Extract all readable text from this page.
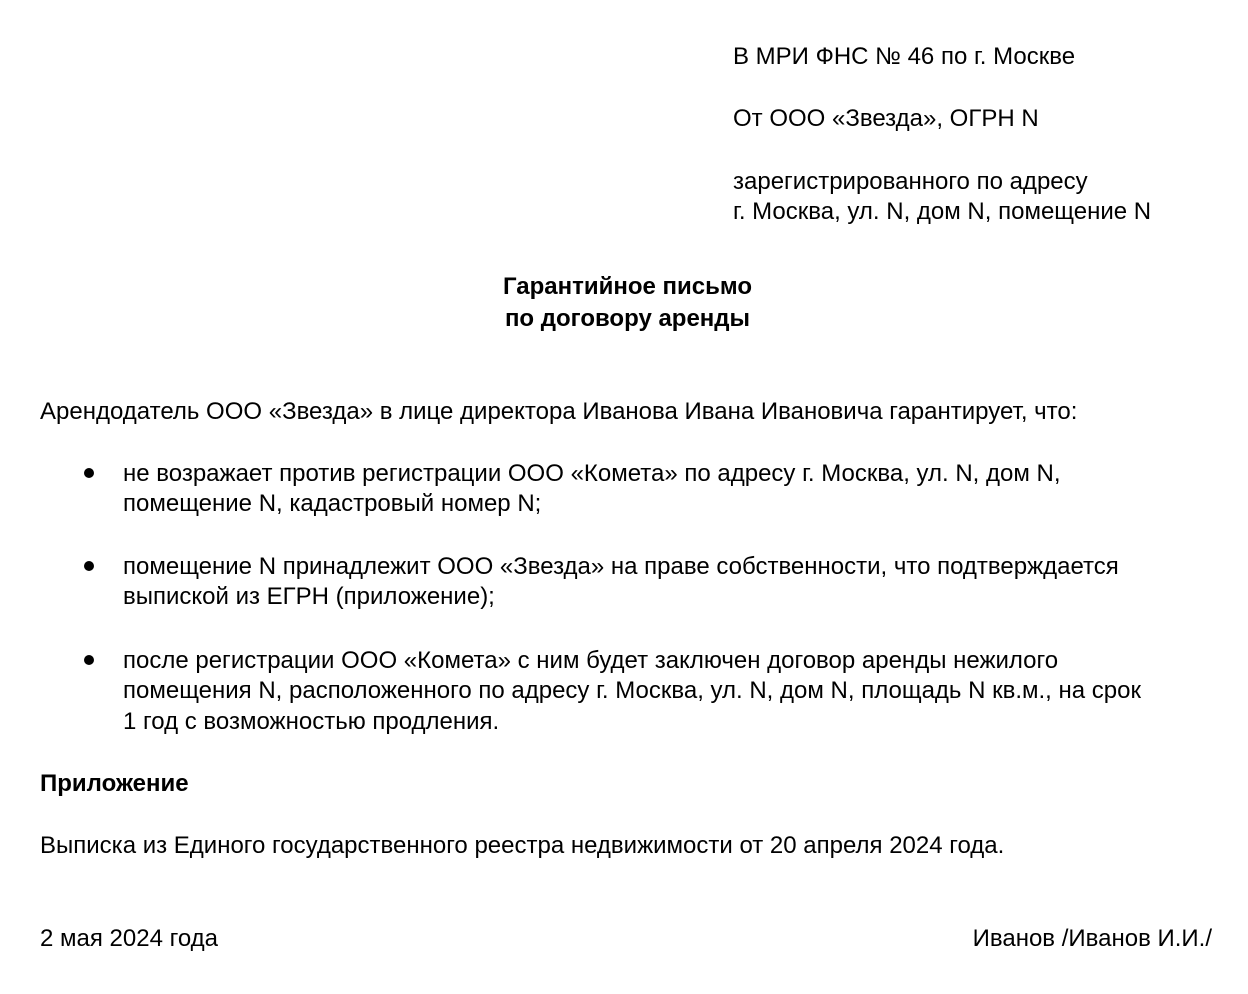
В МРИ ФНС № 46 по г. Москве
От ООО «Звезда», ОГРН N
зарегистрированного по адресу
г. Москва, ул. N, дом N, помещение N
Гарантийное письмо
по договору аренды
Арендодатель ООО «Звезда» в лице директора Иванова Ивана Ивановича гарантирует, что:
не возражает против регистрации ООО «Комета» по адресу г. Москва, ул. N, дом N,
помещение N, кадастровый номер N;
помещение N принадлежит ООО «Звезда» на праве собственности, что подтверждается
выпиской из ЕГРН (приложение);
после регистрации ООО «Комета» с ним будет заключен договор аренды нежилого
помещения N, расположенного по адресу г. Москва, ул. N, дом N, площадь N кв.м., на срок
1 год с возможностью продления.
Приложение
Выписка из Единого государственного реестра недвижимости от 20 апреля 2024 года.
2 мая 2024 года	Иванов /Иванов И.И./
